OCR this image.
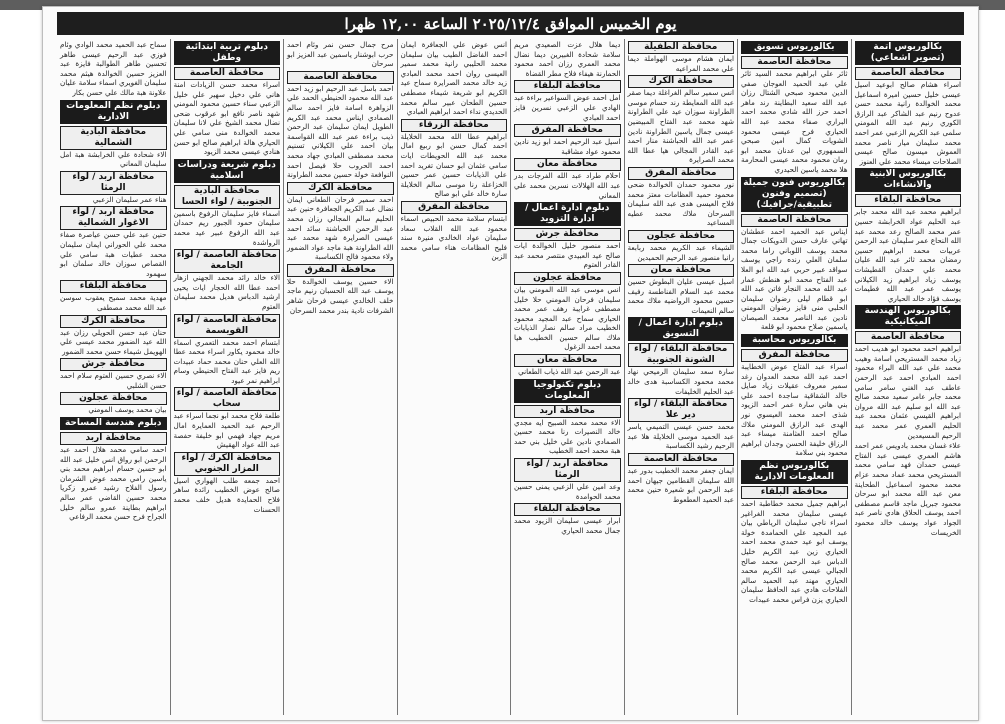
يوم الخميس الموافق ٢٠٢٥/١٢/٤ الساعة ١٢,٠٠ ظهرا
بكالوريوس اتمة (تصوير اشعاعي)
محافظة العاصمة
اسراء هشام صالح ابوعيد اسيل عيسى خليل حسين اميرة اسماعيل محمد الخوالدة رانية محمد حسن عدوح رنيم عبد الشاكر عبد الرازق الكوري رنيم عبد الله المومني سلمى عبد الكريم الزعبي عمر احمد محمد سليمان ميار ناصر محمد العموش ميسون صالح عيسى الصلاحات ميساء محمد علي العنوز
بكالوريوس الابنية والانشاءات
محافظة البلقاء
ابراهيم محمد عبد الله محمد جابر عبد الحليم عواد الخرابشة حسين عمر محمد الصالح رعد محمد عبد الله النحاع عمر سليمان عبد الرحمن عربيات محمد ابراهيم حسين رمضان محمد ثائر عبد الله عليان محمد علي حمدان القطيشات يوسف زياد ابراهيم زيد الكيلاني يوسف عمر عبد الله فطيمات يوسف فؤاد خالد الحياري
بكالوريوس الهندسة الميكانيكية
محافظة العاصمة
ابراهيم احمد محمود ابو هديب احمد زياد محمد المستريحي اسامة وهيب محمد علي عبد الله البراء محمود احمد العبادي احمد عبد الرحمن عاطف عبد الغني سامر سامي محمد جابر عامر سعيد محمد صالح عبد الله ابو سليم عبد الله مروان ابراهيم القيسي عثمان محمد عبد الحليم العمري عمر محمد عبد الرحيم المسيعدين
علاء غسان محمد بادويس عمر احمد هاشم العمري عيسى عبد الفتاح عيسى حمدان فهد سامي محمد المستريحي محمد عماد محمد عزام محمد محمود اسماعيل الطحاينة معن عبد الله محمد ابو سرحان محمود جبريل ماجد قاسم مصطفى احمد يوسف الحلاق هادي ناصر عبد الجواد عواد يوسف خالد محمود الخريسات
بكالوريوس تسويق
محافظة العاصمة
ثائر علي ابراهيم محمد السيد ثائر علي عبد الحميد العوجان صفي الدين محمود صبحي الشتال رزان عبد الله سعيد البطاينة رند ماهر احمد حرز الله شادي محمد احمد البراري صفاء محمد عبد الله الحياري فرح عيسى محمود الشويات كمال امين صبحي السمهوري لين عدنان محمد ابو رمان محمود محمد عيسى المحارمة هلا محمد ياسين الحيدري
بكالوريوس فنون جميلة (تصميم وفنون تطبيقية/جرافيك)
محافظة العاصمة
ايناس عبد الحميد احمد عطشان تهاني عارف حسن الدويكات جمال محمد يوسف اللوباني راما محمد سلمان العلي رنده راجي يوسف سواقد عبير حربي عبد الله ابو العلا عبد الفتاح محمد ابو هنطش عمار عبد الله محمد النجار فاتن عبد الله ابو قطام ليلى رضوان سليمان الحلبي منى فايز رضوان المومني نادين عبد الناصر محمد الصيصان ياسمين صلاح محمود ابو قلعة
بكالوريوس محاسبة
محافظة المفرق
اسراء عبد الفتاح عوض الخطايبة احمد عبد الله محمد العدوان رغد سمير معروف عقيلات زياد صايل خالد الشقاقية ساجدة احمد علي بني هاني سارة عمر احمد الزيود شذى احمد محمد العيسوي نور الهدى عبد الرازق المومني ملاك صالح احمد العثامنة ميساء عبد الرزاق خليفة الحسن وجدان ابراهيم محمود بني سلامة
بكالوريوس نظم المعلومات الادارية
محافظة البلقاء
ابراهيم جميل محمد خطاطبة احمد عيسى سليمان محمد الغراغير اسراء ناجي سليمان الرياطي بيان عبد المجيد علي الحمامدة خولة يوسف ابو عيد حمدي محمد احمد الحياري زين عبد الكريم خليل الدباس عبد الرحمن محمد صالح الجبالي عيسى عبد الكريم محمد الحياري مهند عبد الحميد سالم الفلاحات هادي عبد الحافظ سليمان الحياري يزن فراس محمد عبيدات
محافظة الطفيلة
ايمان هشام موسى الهواملة ديما علي محمد المراعيه
محافظة الكرك
انس سمير سالم الغراغلة ديما صقر عبد الله المعايطة رند حسام موسى الطراونة سوزان عيد علي الطراونة شهد محمد عبد الفتاح المبيضين عيسى جمال ياسين الطراونة نادين عمر عبد الله الحباشنة منار احمد عبد القادر المجالي هيا عطا الله محمد الصرايرة
محافظة المفرق
نور محمود حمدان الخوالدة ضحى محمود حميد العظامات معتز محمد فلاح العيسى هدى عبد الله سليمان السرحان ملاك محمد عطيه المساعيد
محافظة عجلون
الشيماء عبد الكريم محمد ربابعة رانيا منصور عبد الرحيم الحميدين
محافظة معان
اسيل عيسى عليان البطوش حسين محمد عبد السلام الفناطسة رفيف حسين محمود الرواضيه ملاك محمد سالم النعيمات
دبلوم ادارة اعمال / التسويق
محافظة البلقاء / لواء الشونة الجنوبية
سارة سعد سليمان الرميحي نهاد محمد محمود الكساسبة هدى خالد عبد الحليم الخليفات
محافظة البلقاء / لواء دير علا
محمد حسن عيسى التميمي ياسر عبد الحميد موسى الخلايلة هلا عبد الرحيم رشيد الكساسبة
محافظة العاصمة
ايمان جعفر محمد الخطيب بدور عبد الله سليمان القطامين جيهان احمد عبد الرحمن ابو شعيرة حنين محمد عبد الحميد العطعوط
ديما هلال عزت الصعيدي مريم سلامة شحادة الغبيرين ديما نضال محمد العمري رزان احمد محمود الحمارنة هيفاء فلاح مطر القضاة
محافظة البلقاء
امل احمد عوض السواعير براءة عبد الهادي علي الزعبي نسرين فايز احمد العبادي
محافظة المفرق
اسيل عبد الرحيم احمد ابو زيد نادين محمود عواد مشاقبة
محافظة معان
احلام طراد عبد الله الفرجات بدر عبد الله الهلالات نسرين محمد علي المعاني
دبلوم ادارة اعمال / ادارة التزويد
محافظة جرش
احمد منصور خليل الخوالدة ايات صالح عيد العبيدي منتصر محمد عبد القادر العتوم
محافظة عجلون
انس موسى عبد الله المومني بيان سليمان فرحان المومني حلا خليل مصطفى غرايبة رهف عمر محمد الحياري سماح عبد المجيد محمود الخطيب مراد سالم نصار الذيابات ملاك سالم حسين الخطيب هيا محمد احمد الزغول
محافظة معان
عبد الرحمن عبد الله ذياب الطعاني
دبلوم تكنولوجيا المعلومات
محافظة اربد
الاء محمد محمد الصبيح ايه مجدي خالد النصيرات رنا محمد حسين الصمادي نادين علي خليل بني حمد هبة محمد احمد الخطيب
محافظة اربد / لواء الرمثا
وعد امين علي الزعبي يمنى حسين محمد الحوامدة
محافظة البلقاء
ابرار عيسى سليمان الزيود محمد جمال محمد الحياري
انس عوض علي الجعافرة ايمان احمد الفاضل الطيب بيان سليمان محمد الحليبي رانية محمد سمير العيسى روان احمد محمد العبادي زيد خالد محمد الصرايرة سماح عيد الكريم ابو شريعة شيماء مصطفى حسين الطحان عبير سالم محمد الحديدي نداء احمد ابراهيم العبادي
محافظة الزرقاء
ابراهيم عطا الله محمد الخلايلة احمد كمال حسن ابو ربيع امال محمد عبد الله الحويطات ايات سامي عثمان ابو حسان تغريد احمد علي الذيابات حسين عمر حسين الخزاعلة رنا موسى سالم الخلايلة سارة خالد علي ابو صالح
محافظة المفرق
ابتسام سلامة محمد الحبيص اسماء محمود عبد الله القلاب سعاد سليمان عواد الخالدي منيرة سند فليح العظامات هناء سامي محمد الزبن
مرح جمال حسن نمر وئام احمد حرب ابوشنار ياسمين عبد العزيز ابو سرحان
محافظة العاصمة
احمد باسل عبد الرحيم ابو زيد احمد عبد الله محمود الحنيطي الحمد علي الزواهرة اسامة فايز احمد سالم الصمادي ايناس محمد عبد الكريم الطويل ايمان سليمان عبد الرحمن ذيب براءة عمر عبد الله القواسمة بيان احمد علي الكيلاني تسنيم محمد مصطفى العبادي جهاد محمد احمد الحروب حلا فيصل احمد النوافعة خولة حسين محمد الطراونة
محافظة الكرك
احمد سمير فرحان الطعاني ايمان نضال عبد الكريم الجعافرة حنين عبد الحليم سالم المجالي رزان محمد عبد الرحمن الحباشنة سائد احمد عيسى الصرايرة شهد محمد عبد الله الطراونة هبة ماجد عواد الضمور ولاء محمود فالح الكساسبة
محافظة المفرق
الاء حسين يوسف الخوالدة حلا يوسف عبد الله الحسبان رنيم ماجد خلف الخالدي عيسى فرحان شاهر الشرفات نادية بندر محمد السرحان
دبلوم تربية ابتدائية وطفل
محافظة العاصمة
اسراء محمد حسن الزيادات امنة هاني علي دخيل سهير علي خليل الزعبي سناء حسين محمود المومني شهد ناصر نافع ابو عرقوب ضحى نضال محمد الشيخ علي لانا سليمان محمد الخوالدة منى سامي علي الحياري هالة ابراهيم صالح ابو حسن هنادي عيسى محمد الزيود
دبلوم شريعة ودراسات اسلامية
محافظة البادية الجنوبية / لواء الحسا
اسماء فايز سليمان الرفوع باسمين سليمان حمود الجبور ريم حمدان عبد الله الرفوع عبير عيد محمد الرواشدة
محافظة العاصمة / لواء الجامعة
الاء خالد رائد محمد الجهني ازهار احمد عطا الله الحجار ايات يحيى ارشيد الدباس هديل محمد سليمان العتوم
محافظة العاصمة / لواء القويسمة
ابتسام احمد محمد التعمري اسماء خالد محمود يكاور اسراء محمد عطا الله العلي حنان محمد حماد عبيدات ريم فايز عبد الفتاح الحنيطي وسام ابراهيم نمر عيود
محافظة العاصمة / لواء سحاب
طلعة فلاح محمد ابو نجما اسراء عبد الرحيم عبد الحميد العمايرة امال مريم جهاد فهمي ابو خليفة حفصة عبد الله عواد الهقيش
محافظة الكرك / لواء المزار الجنوبي
احمد جمعه طلب الهواري اسيل صالح عوض الخطيب رائدة ساهر فلاح الحمايدة هديل خلف محمد الحسنات
سماح عبد الحميد محمد الوادي وئام فوزي عبد الرحيم عيسى طاهر تحسين طاهر الطوالبة فايزة عبد العزيز حسين الخوالدة هيثم محمد سليمان الغويري اسماء سلامة عليان علاونة هبة مالك علي حسن بكار
دبلوم نظم المعلومات الادارية
محافظة البادية الشمالية
الاء شحادة علي الخرابشة هبة امل سليمان المعاني
محافظة اربد / لواء الرمثا
هناء عمر سليمان الزعبي
محافظة اربد / لواء الاغوار الشمالية
حنين عبد علي حسن عياصرة صفاء محمد علي الحوراني ايمان سليمان محمد عطيات هبة سامي علي القصاص سوزان خالد سلمان ابو سهمود
محافظة البلقاء
مهدية محمد سميح يعقوب سوسن عبد الله محمد مصطفى
محافظة الكرك
حنان عبد حسن الحويلي رزان عبد الله عيد الضمور محمد عيسى علي الهويمل شيماء حسن محمد الضمور
محافظة جرش
الاء نصري حسين العتوم سلام احمد حسن الشلبي
محافظة عجلون
بيان محمد يوسف المومني
دبلوم هندسة المساحة
محافظة اربد
احمد سامي محمد هلال احمد عبد الرحمن ابو رواق انس خليل عبد الله ابو حسين حسام ابراهيم محمد بني ياسين رامي محمد عوض الشرمان رسول الفلاح رشيد عمرو زكريا محمد حسين القاضي عمر سالم ابراهيم بطاينة عمرو سالم خليل الجراح فرح حسن محمد الرفاعي
